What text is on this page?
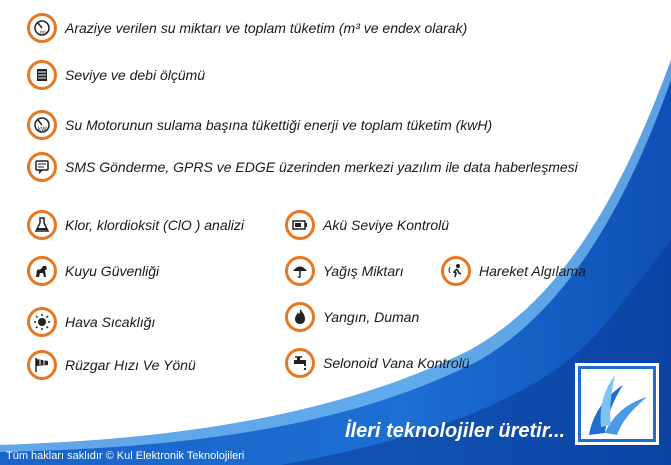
m³ Araziye verilen su miktarı ve toplam tüketim (m³ ve endex olarak)
Seviye ve debi ölçümü
kW Su Motorunun sulama başına tükettiği enerji ve toplam tüketim (kwH)
SMS Gönderme, GPRS ve EDGE üzerinden merkezi yazılım ile data haberleşmesi
Klor, klordioksit (ClO ) analizi	Akü Seviye Kontrolü
Kuyu Güvenliği	Yağış Miktarı	Hareket Algılama
Hava Sıcaklığı	Yangın, Duman
Rüzgar Hızı Ve Yönü	Selonoid Vana Kontrolü
İleri teknolojiler üretir...
Tüm hakları saklıdır © Kul Elektronik Teknolojileri
